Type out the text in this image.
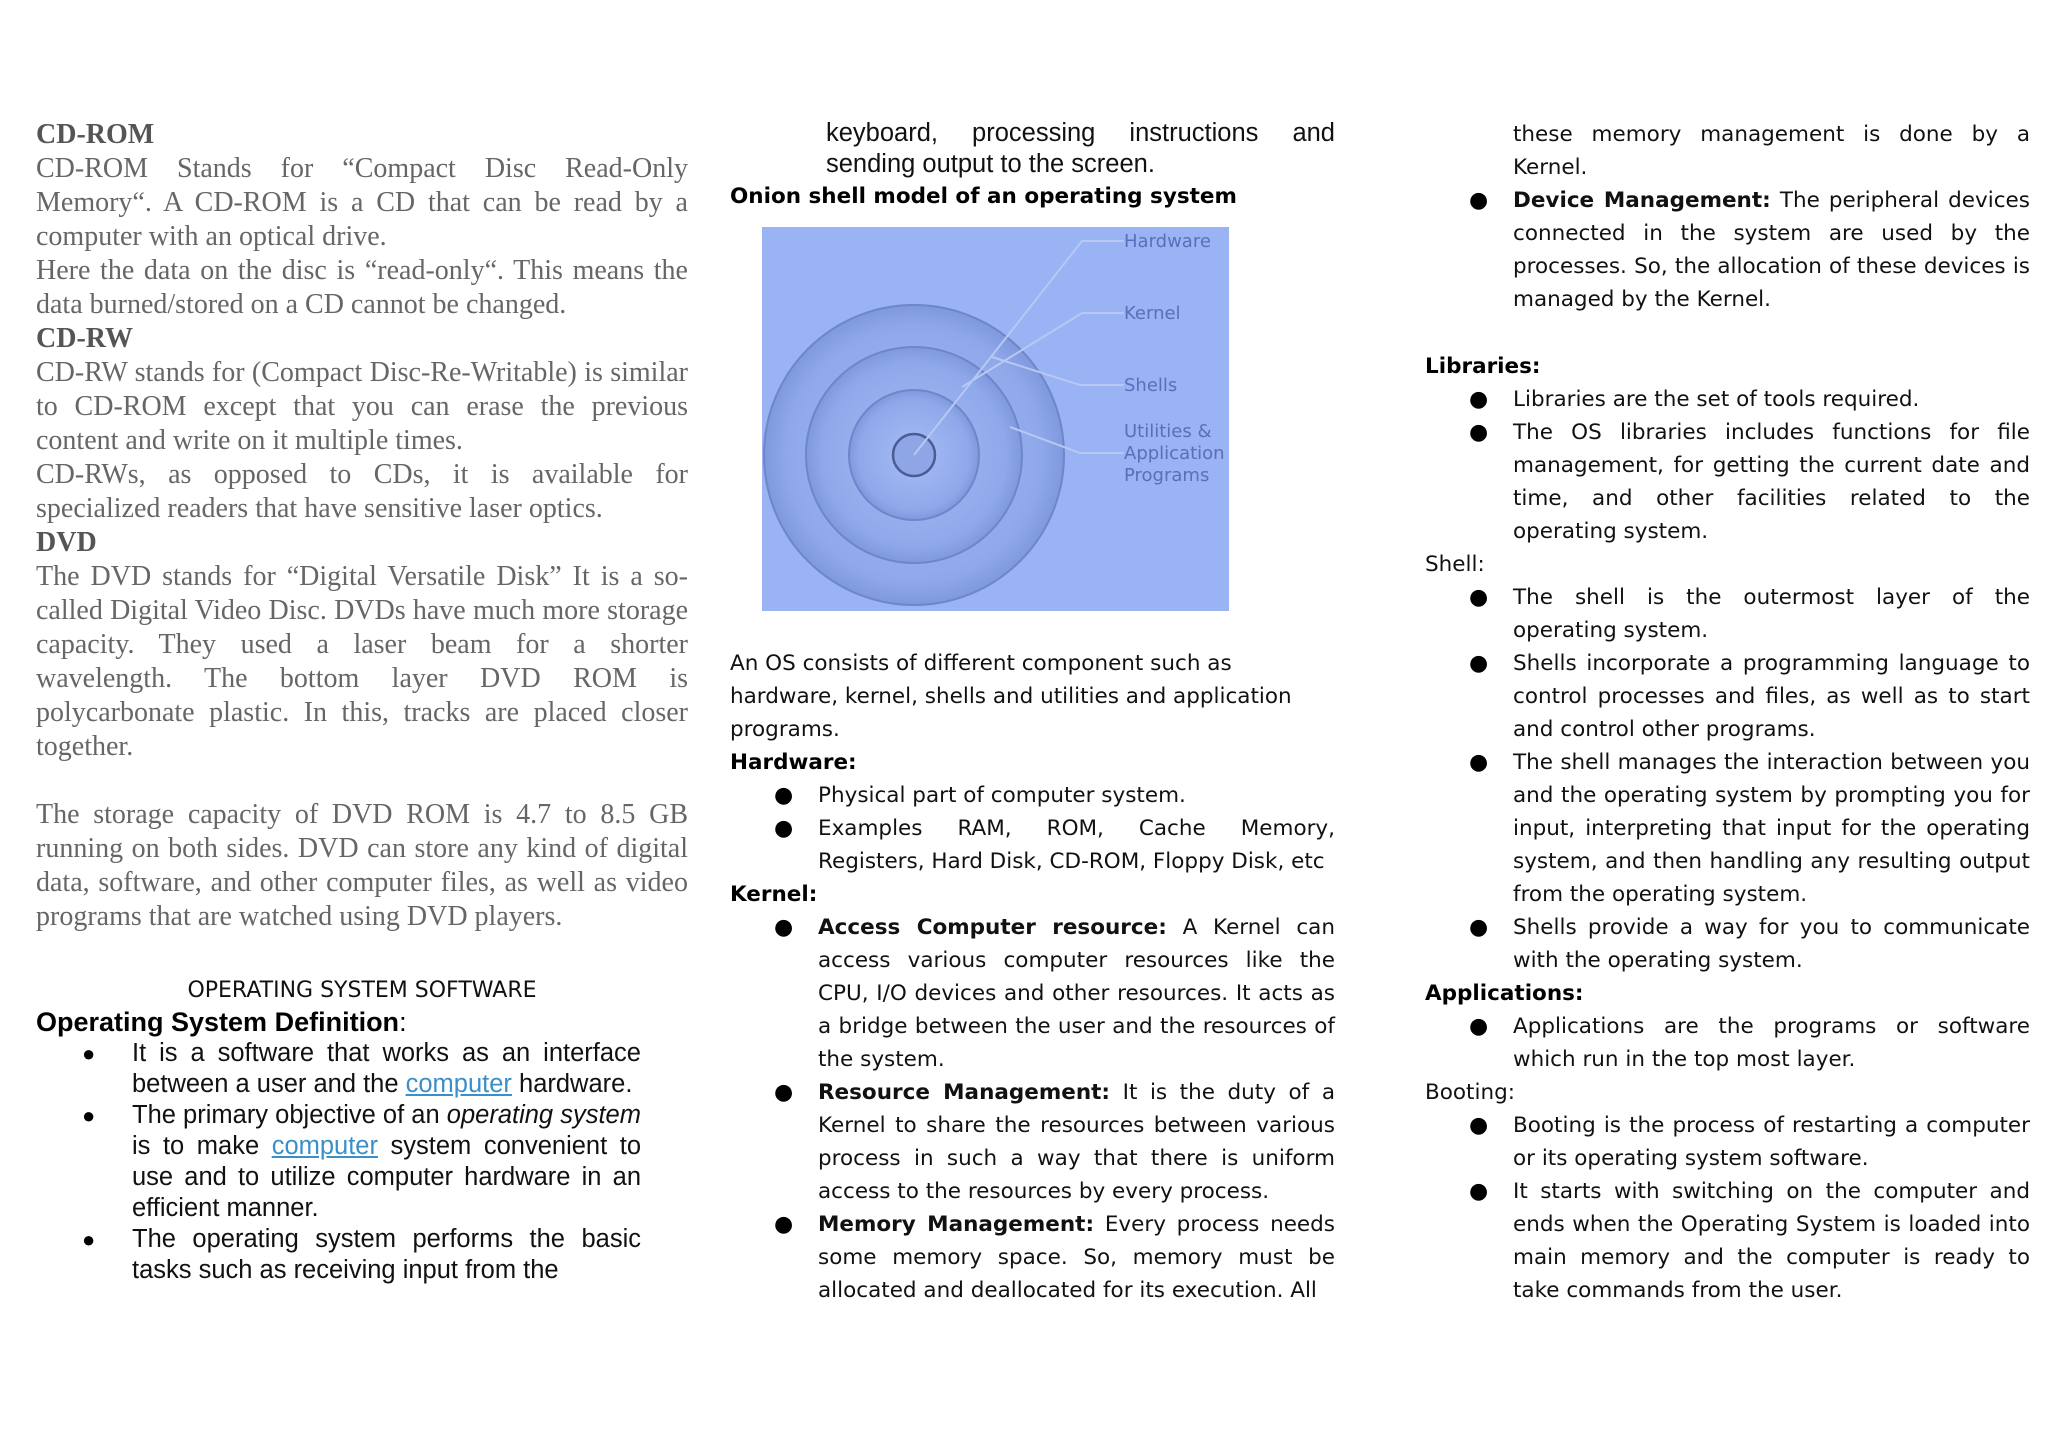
CD-ROM
CD-ROM Stands for “Compact Disc Read-Only Memory“. A CD-ROM is a CD that can be read by a computer with an optical drive.
Here the data on the disc is “read-only“. This means the data burned/stored on a CD cannot be changed.
CD-RW
CD-RW stands for (Compact Disc-Re-Writable) is similar to CD-ROM except that you can erase the previous content and write on it multiple times.
CD-RWs, as opposed to CDs, it is available for specialized readers that have sensitive laser optics.
DVD
The DVD stands for “Digital Versatile Disk” It is a so-called Digital Video Disc. DVDs have much more storage capacity. They used a laser beam for a shorter wavelength. The bottom layer DVD ROM is polycarbonate plastic. In this, tracks are placed closer together.
The storage capacity of DVD ROM is 4.7 to 8.5 GB running on both sides. DVD can store any kind of digital data, software, and other computer files, as well as video programs that are watched using DVD players.
OPERATING SYSTEM SOFTWARE
Operating System Definition:
● It is a software that works as an interface between a user and the computer hardware.
● The primary objective of an operating system is to make computer system convenient to use and to utilize computer hardware in an efficient manner.
● The operating system performs the basic tasks such as receiving input from the
keyboard, processing instructions and sending output to the screen.
Onion shell model of an operating system
Hardware
Kernel
Shells
Utilities &
Application
Programs
An OS consists of different component such as hardware, kernel, shells and utilities and application programs.
Hardware:
● Physical part of computer system.
● Examples RAM, ROM, Cache Memory, Registers, Hard Disk, CD-ROM, Floppy Disk, etc
Kernel:
● Access Computer resource: A Kernel can access various computer resources like the CPU, I/O devices and other resources. It acts as a bridge between the user and the resources of the system.
● Resource Management: It is the duty of a Kernel to share the resources between various process in such a way that there is uniform access to the resources by every process.
● Memory Management: Every process needs some memory space. So, memory must be allocated and deallocated for its execution. All
these memory management is done by a Kernel.
● Device Management: The peripheral devices connected in the system are used by the processes. So, the allocation of these devices is managed by the Kernel.
Libraries:
● Libraries are the set of tools required.
● The OS libraries includes functions for file management, for getting the current date and time, and other facilities related to the operating system.
Shell:
● The shell is the outermost layer of the operating system.
● Shells incorporate a programming language to control processes and files, as well as to start and control other programs.
● The shell manages the interaction between you and the operating system by prompting you for input, interpreting that input for the operating system, and then handling any resulting output from the operating system.
● Shells provide a way for you to communicate with the operating system.
Applications:
● Applications are the programs or software which run in the top most layer.
Booting:
● Booting is the process of restarting a computer or its operating system software.
● It starts with switching on the computer and ends when the Operating System is loaded into main memory and the computer is ready to take commands from the user.
